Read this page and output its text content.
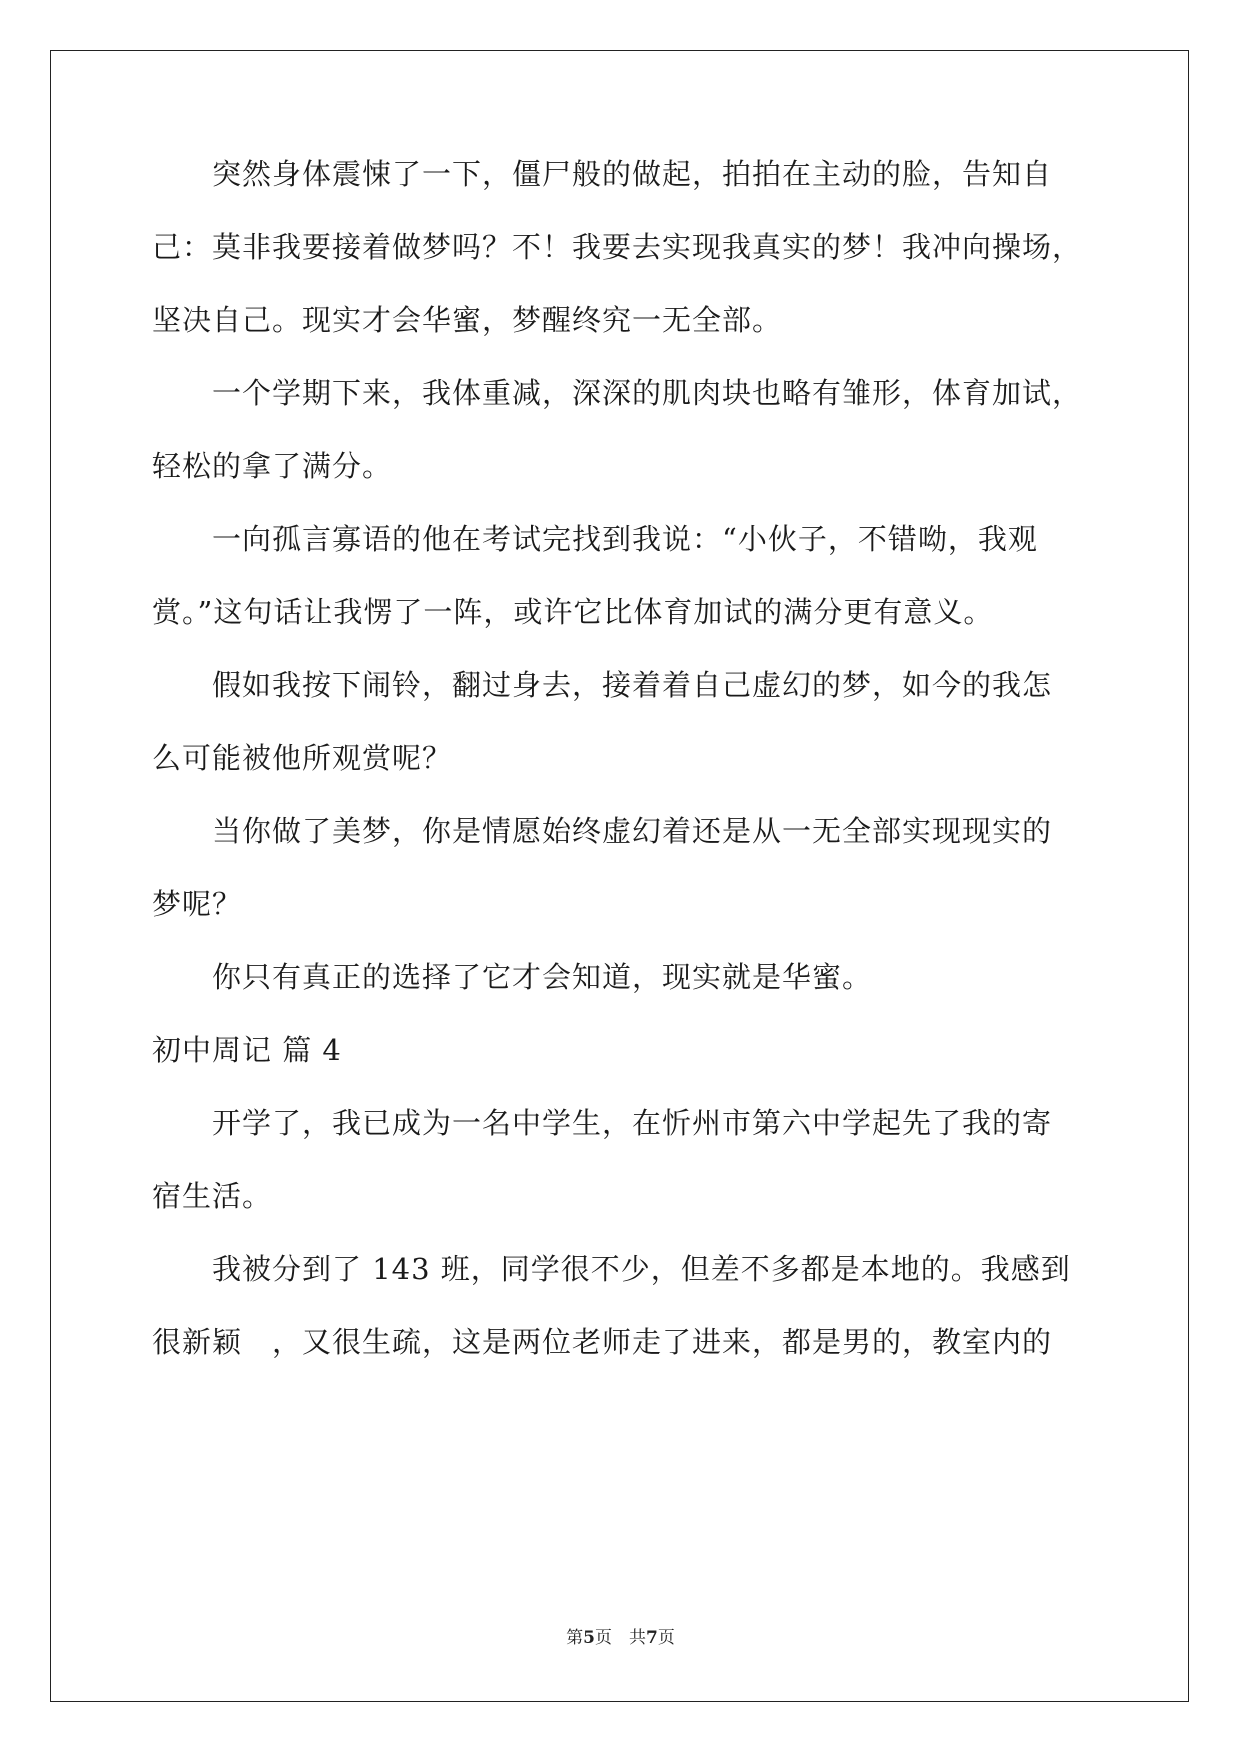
　　突然身体震悚了一下，僵尸般的做起，拍拍在主动的脸，告知自
己：莫非我要接着做梦吗？不！我要去实现我真实的梦！我冲向操场，
坚决自己。现实才会华蜜，梦醒终究一无全部。
　　一个学期下来，我体重减，深深的肌肉块也略有雏形，体育加试，
轻松的拿了满分。
　　一向孤言寡语的他在考试完找到我说：“小伙子，不错呦，我观
赏。”这句话让我愣了一阵，或许它比体育加试的满分更有意义。
　　假如我按下闹铃，翻过身去，接着着自己虚幻的梦，如今的我怎
么可能被他所观赏呢？
　　当你做了美梦，你是情愿始终虚幻着还是从一无全部实现现实的
梦呢？
　　你只有真正的选择了它才会知道，现实就是华蜜。
初中周记 篇 4
　　开学了，我已成为一名中学生，在忻州市第六中学起先了我的寄
宿生活。
　　我被分到了 143 班，同学很不少，但差不多都是本地的。我感到
很新颖　，又很生疏，这是两位老师走了进来，都是男的，教室内的
第5页　共7页
